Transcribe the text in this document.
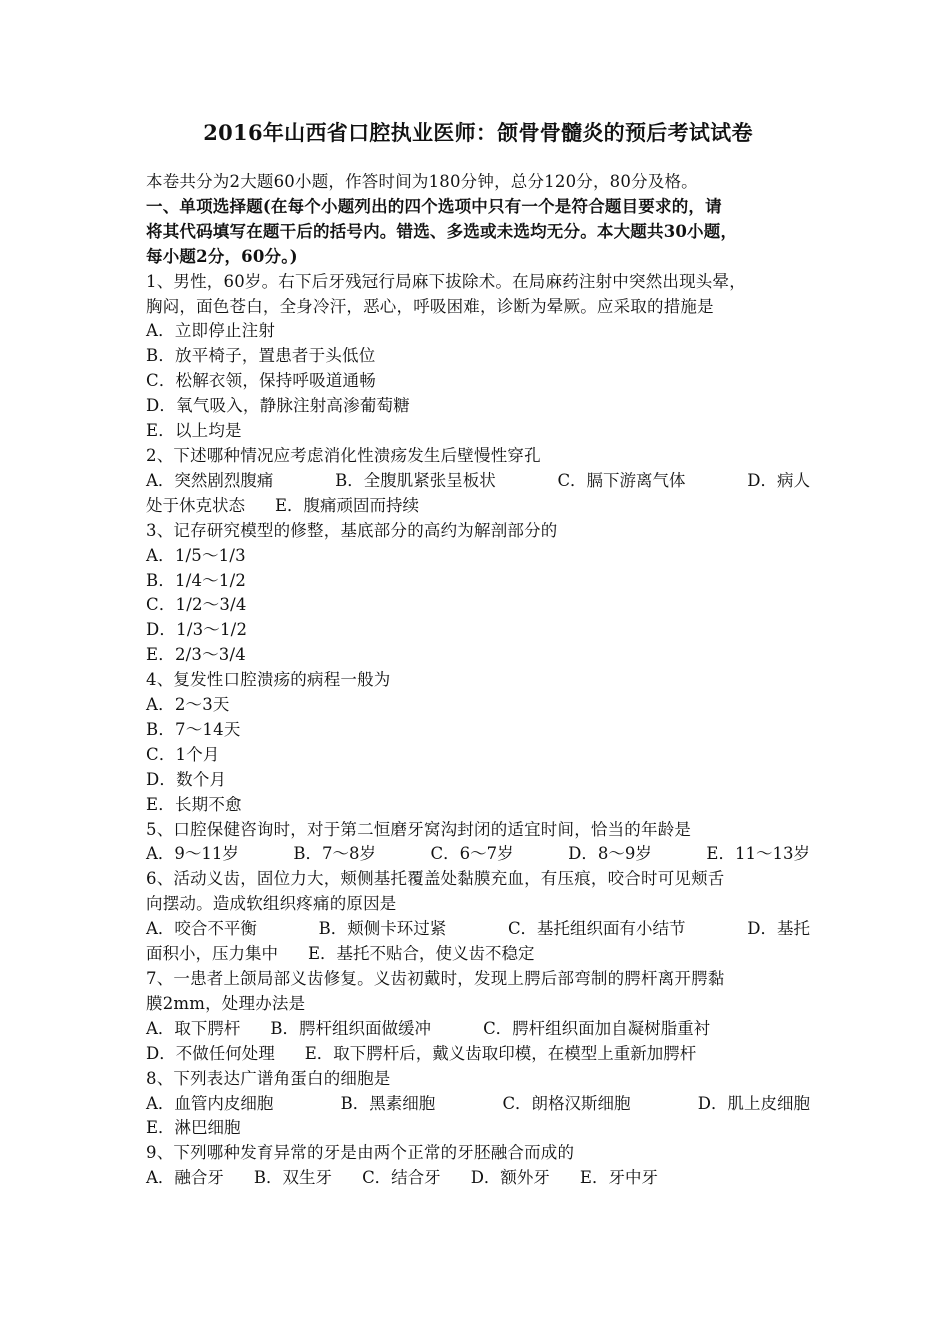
2016年山西省口腔执业医师：颌骨骨髓炎的预后考试试卷
本卷共分为2大题60小题，作答时间为180分钟，总分120分，80分及格。
一、单项选择题(在每个小题列出的四个选项中只有一个是符合题目要求的，请
将其代码填写在题干后的括号内。错选、多选或未选均无分。本大题共30小题，
每小题2分，60分。)
1、男性，60岁。右下后牙残冠行局麻下拔除术。在局麻药注射中突然出现头晕，
胸闷，面色苍白，全身冷汗，恶心，呼吸困难，诊断为晕厥。应采取的措施是
A．立即停止注射
B．放平椅子，置患者于头低位
C．松解衣领，保持呼吸道通畅
D．氧气吸入，静脉注射高渗葡萄糖
E．以上均是
2、下述哪种情况应考虑消化性溃疡发生后壁慢性穿孔
A．突然剧烈腹痛	B．全腹肌紧张呈板状	C．膈下游离气体	D．病人
处于休克状态 E．腹痛顽固而持续
3、记存研究模型的修整，基底部分的高约为解剖部分的
A．1/5～1/3
B．1/4～1/2
C．1/2～3/4
D．1/3～1/2
E．2/3～3/4
4、复发性口腔溃疡的病程一般为
A．2～3天
B．7～14天
C．1个月
D．数个月
E．长期不愈
5、口腔保健咨询时，对于第二恒磨牙窝沟封闭的适宜时间，恰当的年龄是
A．9～11岁	B．7～8岁	C．6～7岁	D．8～9岁	E．11～13岁
6、活动义齿，固位力大，颊侧基托覆盖处黏膜充血，有压痕，咬合时可见颊舌
向摆动。造成软组织疼痛的原因是
A．咬合不平衡	B．颊侧卡环过紧	C．基托组织面有小结节	D．基托
面积小，压力集中 E．基托不贴合，使义齿不稳定
7、一患者上颌局部义齿修复。义齿初戴时，发现上腭后部弯制的腭杆离开腭黏
膜2mm，处理办法是
A．取下腭杆 B．腭杆组织面做缓冲	C．腭杆组织面加自凝树脂重衬
D．不做任何处理 E．取下腭杆后，戴义齿取印模，在模型上重新加腭杆
8、下列表达广谱角蛋白的细胞是
A．血管内皮细胞	B．黑素细胞	C．朗格汉斯细胞	D．肌上皮细胞
E．淋巴细胞
9、下列哪种发育异常的牙是由两个正常的牙胚融合而成的
A．融合牙 B．双生牙 C．结合牙 D．额外牙 E．牙中牙
